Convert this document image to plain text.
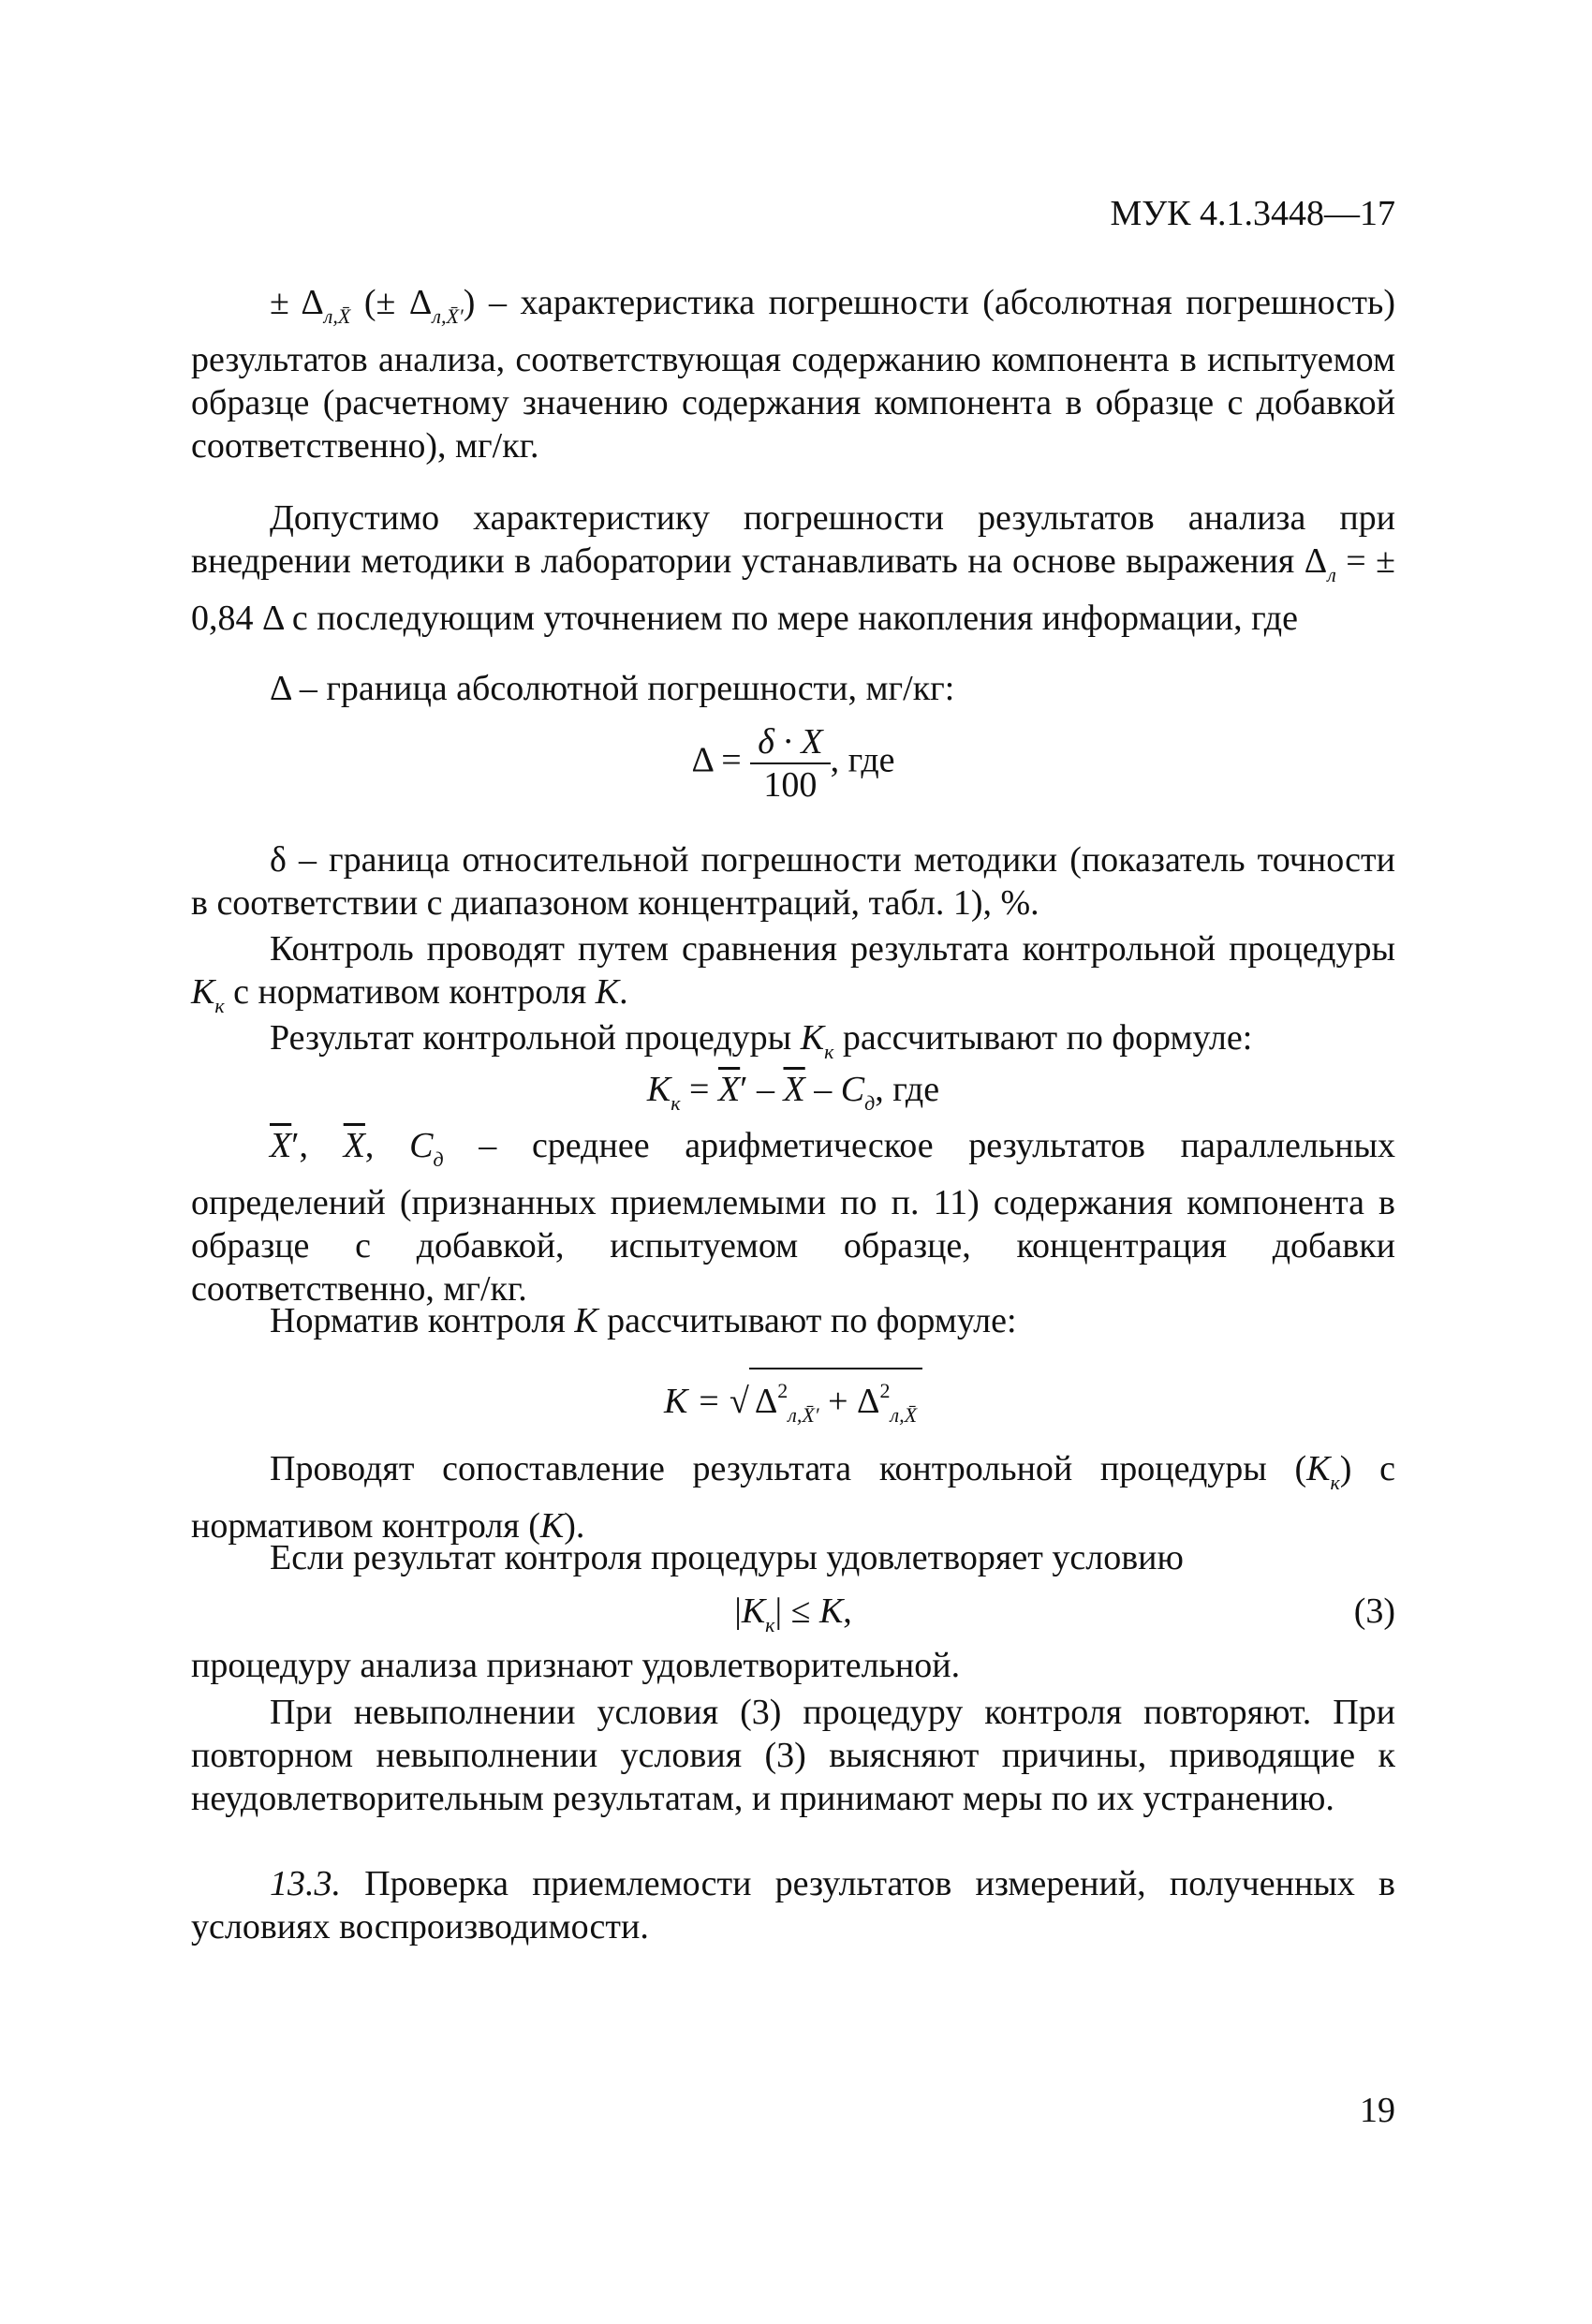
МУК 4.1.3448—17

± $\Delta_{л,X̄}$ (± $\Delta_{л,X̄'}$) – характеристика погрешности (абсолютная погрешность) результатов анализа, соответствующая содержанию компонента в испытуемом образце (расчетному значению содержания компонента в образце с добавкой соответственно), мг/кг.

Допустимо характеристику погрешности результатов анализа при внедрении методики в лаборатории устанавливать на основе выражения $\Delta_л$ = ± 0,84 Δ с последующим уточнением по мере накопления информации, где

Δ – граница абсолютной погрешности, мг/кг:

$\Delta = \frac{\delta \cdot X}{100}$ , где

δ – граница относительной погрешности методики (показатель точности в соответствии с диапазоном концентраций, табл. 1), %.

Контроль проводят путем сравнения результата контрольной процедуры $K_к$ с нормативом контроля K.

Результат контрольной процедуры $K_к$ рассчитывают по формуле:

$K_к = \overline{X}' - \overline{X} - C_д$, где

$\overline{X}'$, $\overline{X}$, $C_д$ – среднее арифметическое результатов параллельных определений (признанных приемлемыми по п. 11) содержания компонента в образце с добавкой, испытуемом образце, концентрация добавки соответственно, мг/кг.

Норматив контроля K рассчитывают по формуле:

K = √ $\Delta^2_{л,X̄'} + \Delta^2_{л,X̄}$

Проводят сопоставление результата контрольной процедуры $(K_к)$ с нормативом контроля (K).

Если результат контроля процедуры удовлетворяет условию

$|K_к| \le K$,	(3)

процедуру анализа признают удовлетворительной.

При невыполнении условия (3) процедуру контроля повторяют. При повторном невыполнении условия (3) выясняют причины, приводящие к неудовлетворительным результатам, и принимают меры по их устранению.

13.3. Проверка приемлемости результатов измерений, полученных в условиях воспроизводимости.

19
